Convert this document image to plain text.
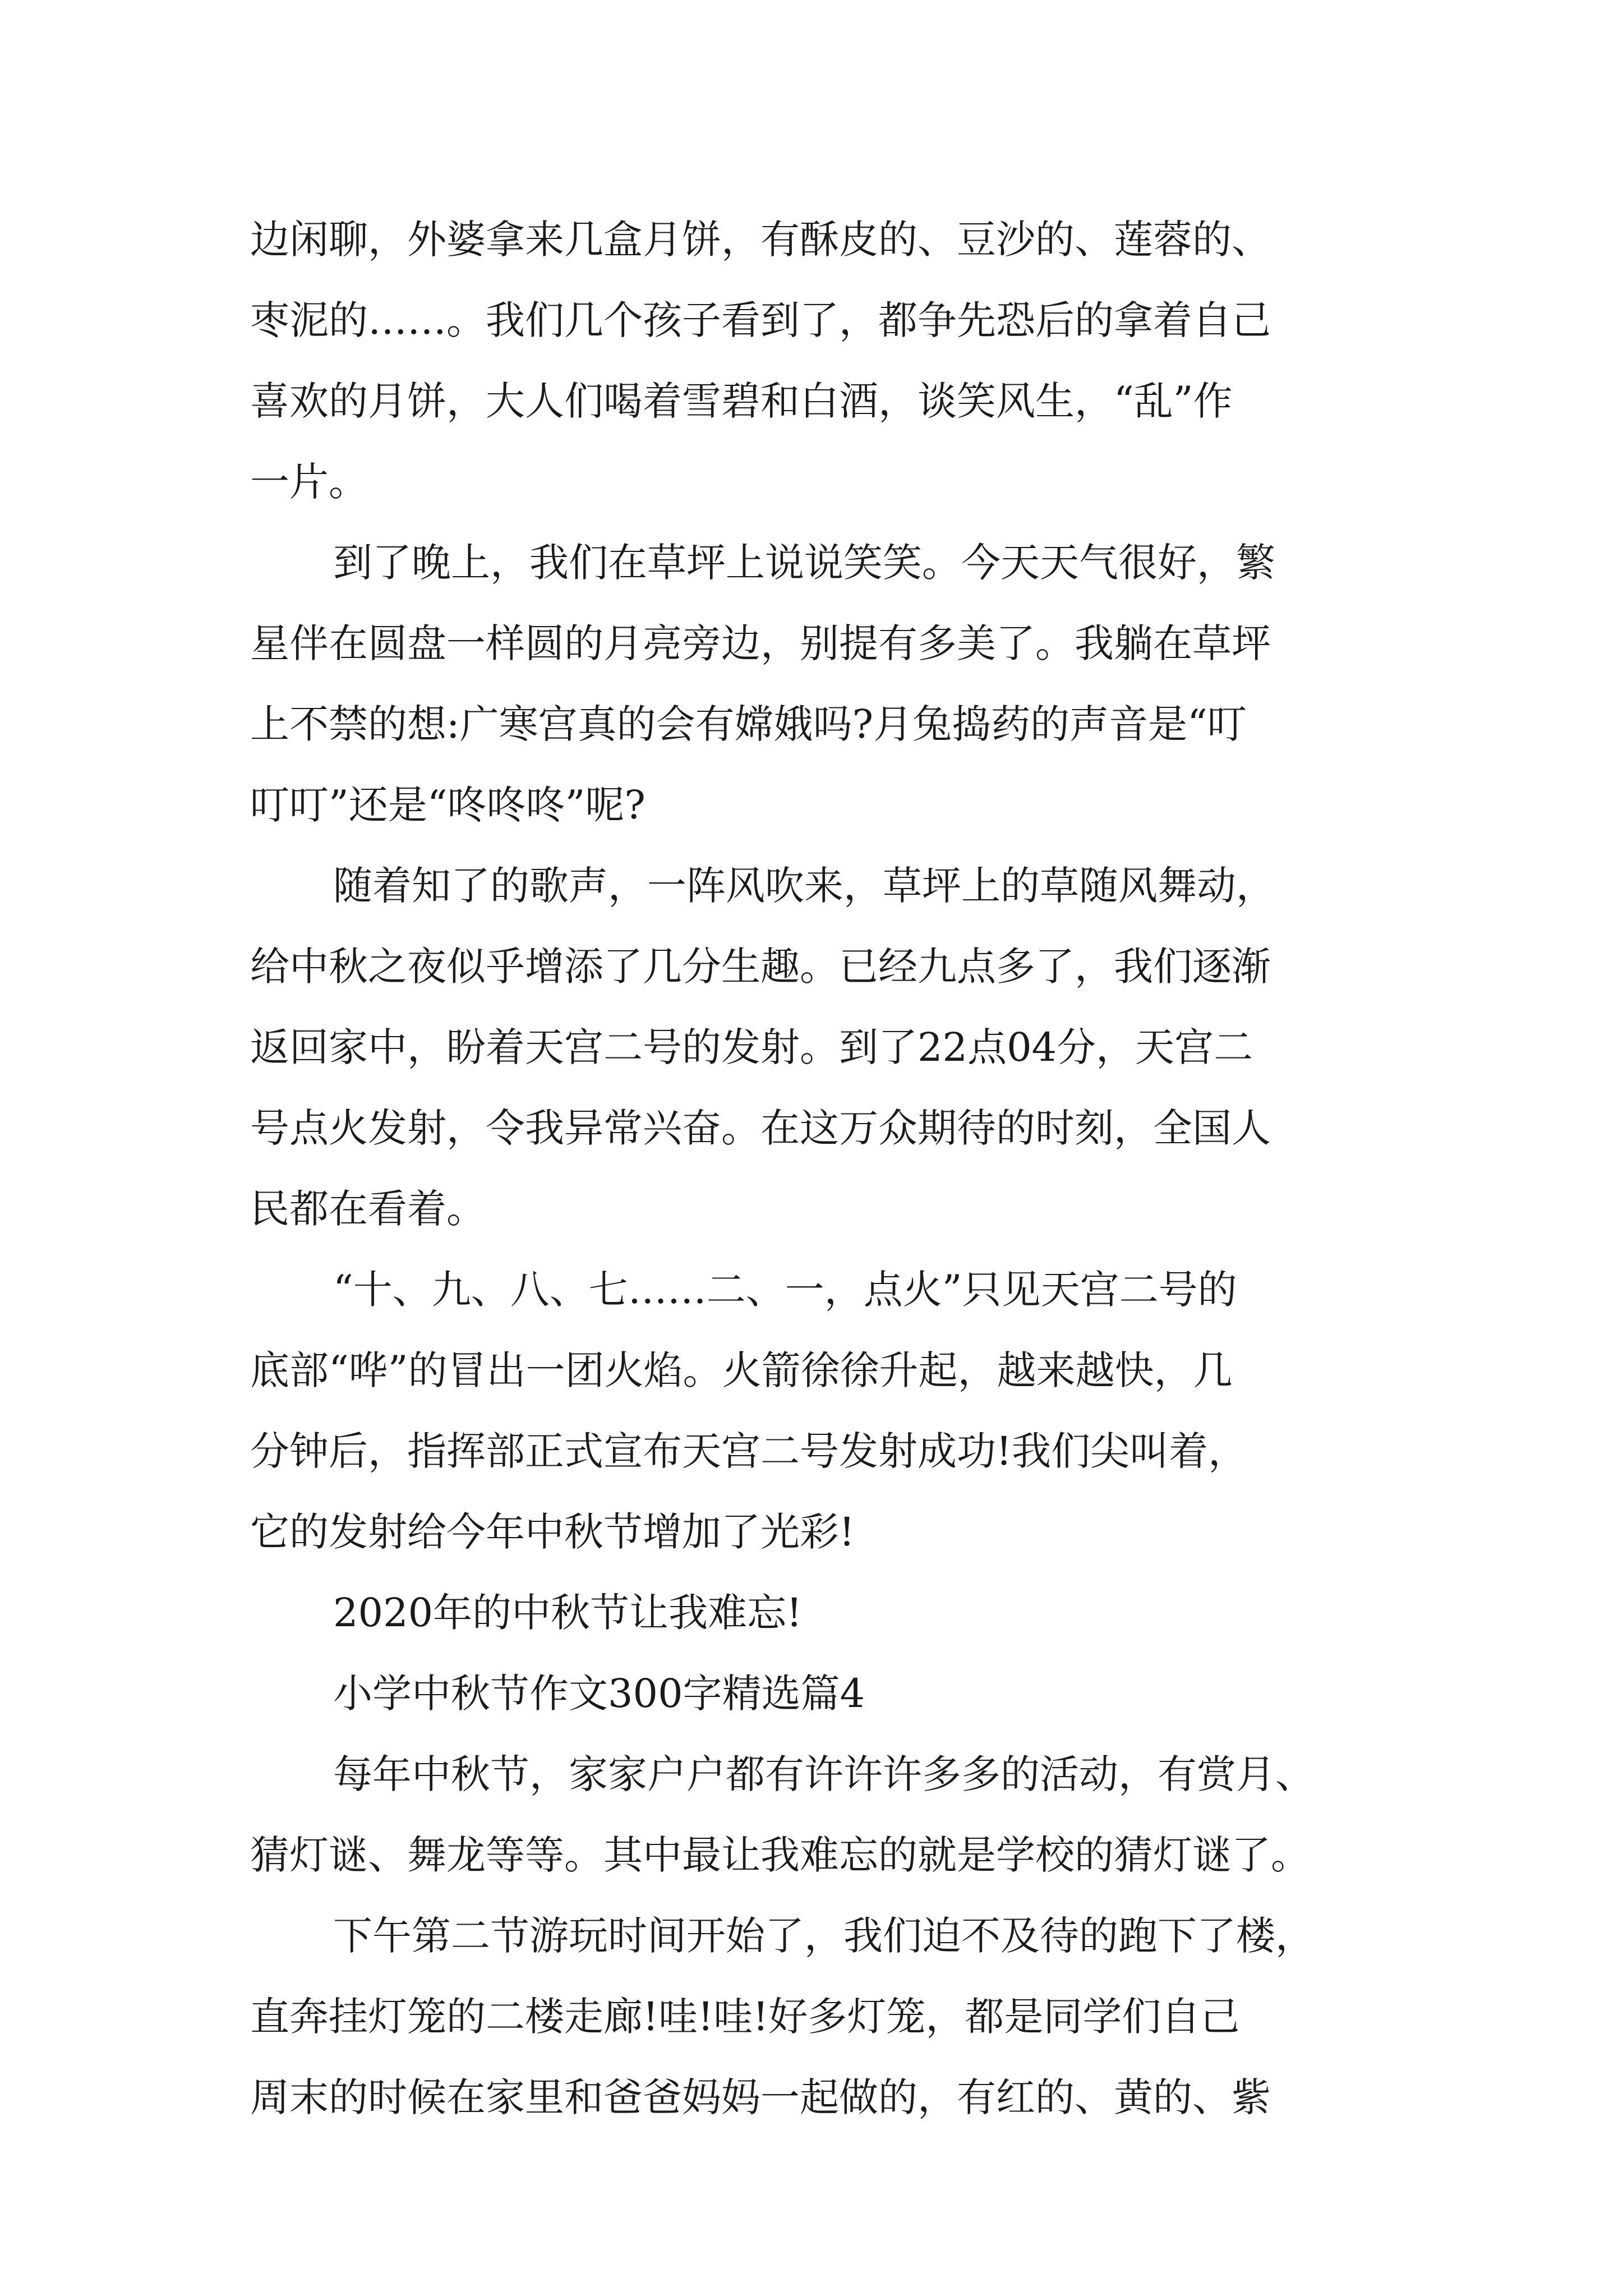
边闲聊，外婆拿来几盒月饼，有酥皮的、豆沙的、莲蓉的、
枣泥的……。我们几个孩子看到了，都争先恐后的拿着自己
喜欢的月饼，大人们喝着雪碧和白酒，谈笑风生，“乱”作
一片。
到了晚上，我们在草坪上说说笑笑。今天天气很好，繁
星伴在圆盘一样圆的月亮旁边，别提有多美了。我躺在草坪
上不禁的想:广寒宫真的会有嫦娥吗?月兔捣药的声音是“叮
叮叮”还是“咚咚咚”呢?
随着知了的歌声，一阵风吹来，草坪上的草随风舞动，
给中秋之夜似乎增添了几分生趣。已经九点多了，我们逐渐
返回家中，盼着天宫二号的发射。到了22点04分，天宫二
号点火发射，令我异常兴奋。在这万众期待的时刻，全国人
民都在看着。
“十、九、八、七……二、一，点火”只见天宫二号的
底部“哗”的冒出一团火焰。火箭徐徐升起，越来越快，几
分钟后，指挥部正式宣布天宫二号发射成功!我们尖叫着，
它的发射给今年中秋节增加了光彩!
2020年的中秋节让我难忘!
小学中秋节作文300字精选篇4
每年中秋节，家家户户都有许许许多多的活动，有赏月、
猜灯谜、舞龙等等。其中最让我难忘的就是学校的猜灯谜了。
下午第二节游玩时间开始了，我们迫不及待的跑下了楼，
直奔挂灯笼的二楼走廊!哇!哇!好多灯笼，都是同学们自己
周末的时候在家里和爸爸妈妈一起做的，有红的、黄的、紫
